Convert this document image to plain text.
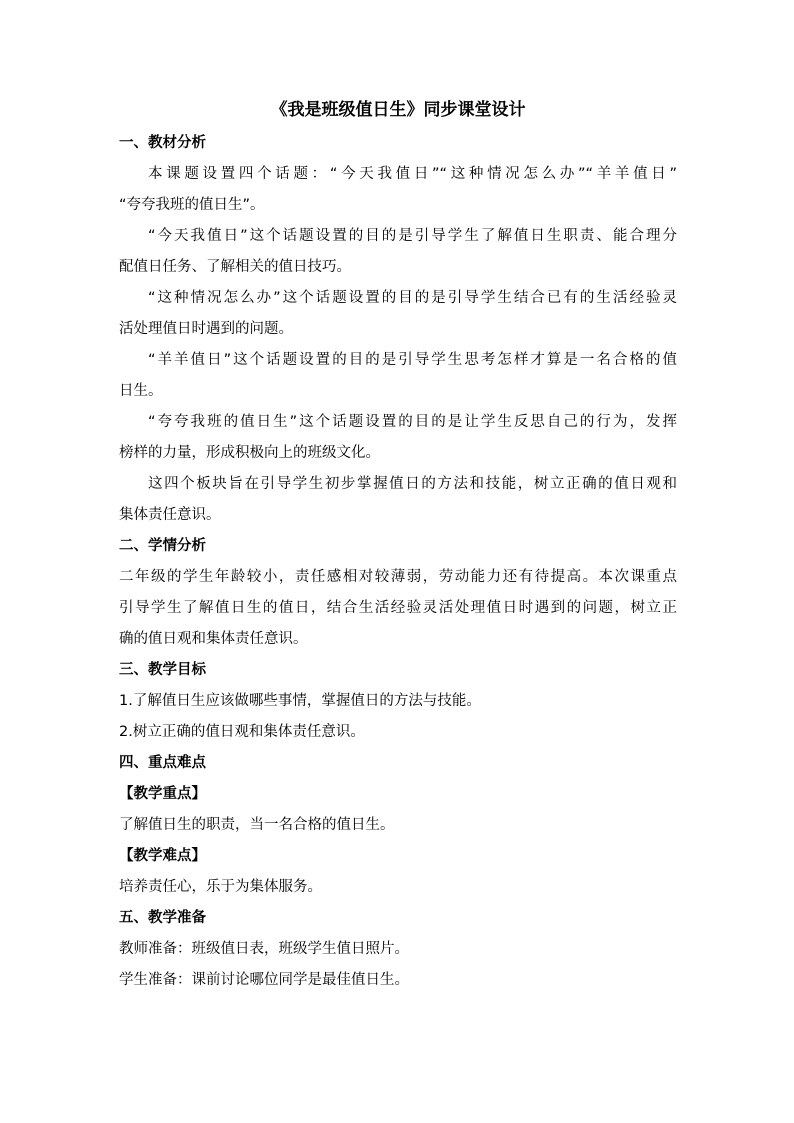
《我是班级值日生》同步课堂设计
一、教材分析
本课题设置四个话题：“今天我值日”“这种情况怎么办”“羊羊值日”
“夸夸我班的值日生”。
“今天我值日”这个话题设置的目的是引导学生了解值日生职责、能合理分
配值日任务、了解相关的值日技巧。
“这种情况怎么办”这个话题设置的目的是引导学生结合已有的生活经验灵
活处理值日时遇到的问题。
“羊羊值日”这个话题设置的目的是引导学生思考怎样才算是一名合格的值
日生。
“夸夸我班的值日生”这个话题设置的目的是让学生反思自己的行为，发挥
榜样的力量，形成积极向上的班级文化。
这四个板块旨在引导学生初步掌握值日的方法和技能，树立正确的值日观和
集体责任意识。
二、学情分析
二年级的学生年龄较小，责任感相对较薄弱，劳动能力还有待提高。本次课重点
引导学生了解值日生的值日，结合生活经验灵活处理值日时遇到的问题，树立正
确的值日观和集体责任意识。
三、教学目标
1.了解值日生应该做哪些事情，掌握值日的方法与技能。
2.树立正确的值日观和集体责任意识。
四、重点难点
【教学重点】
了解值日生的职责，当一名合格的值日生。
【教学难点】
培养责任心，乐于为集体服务。
五、教学准备
教师准备：班级值日表，班级学生值日照片。
学生准备：课前讨论哪位同学是最佳值日生。
